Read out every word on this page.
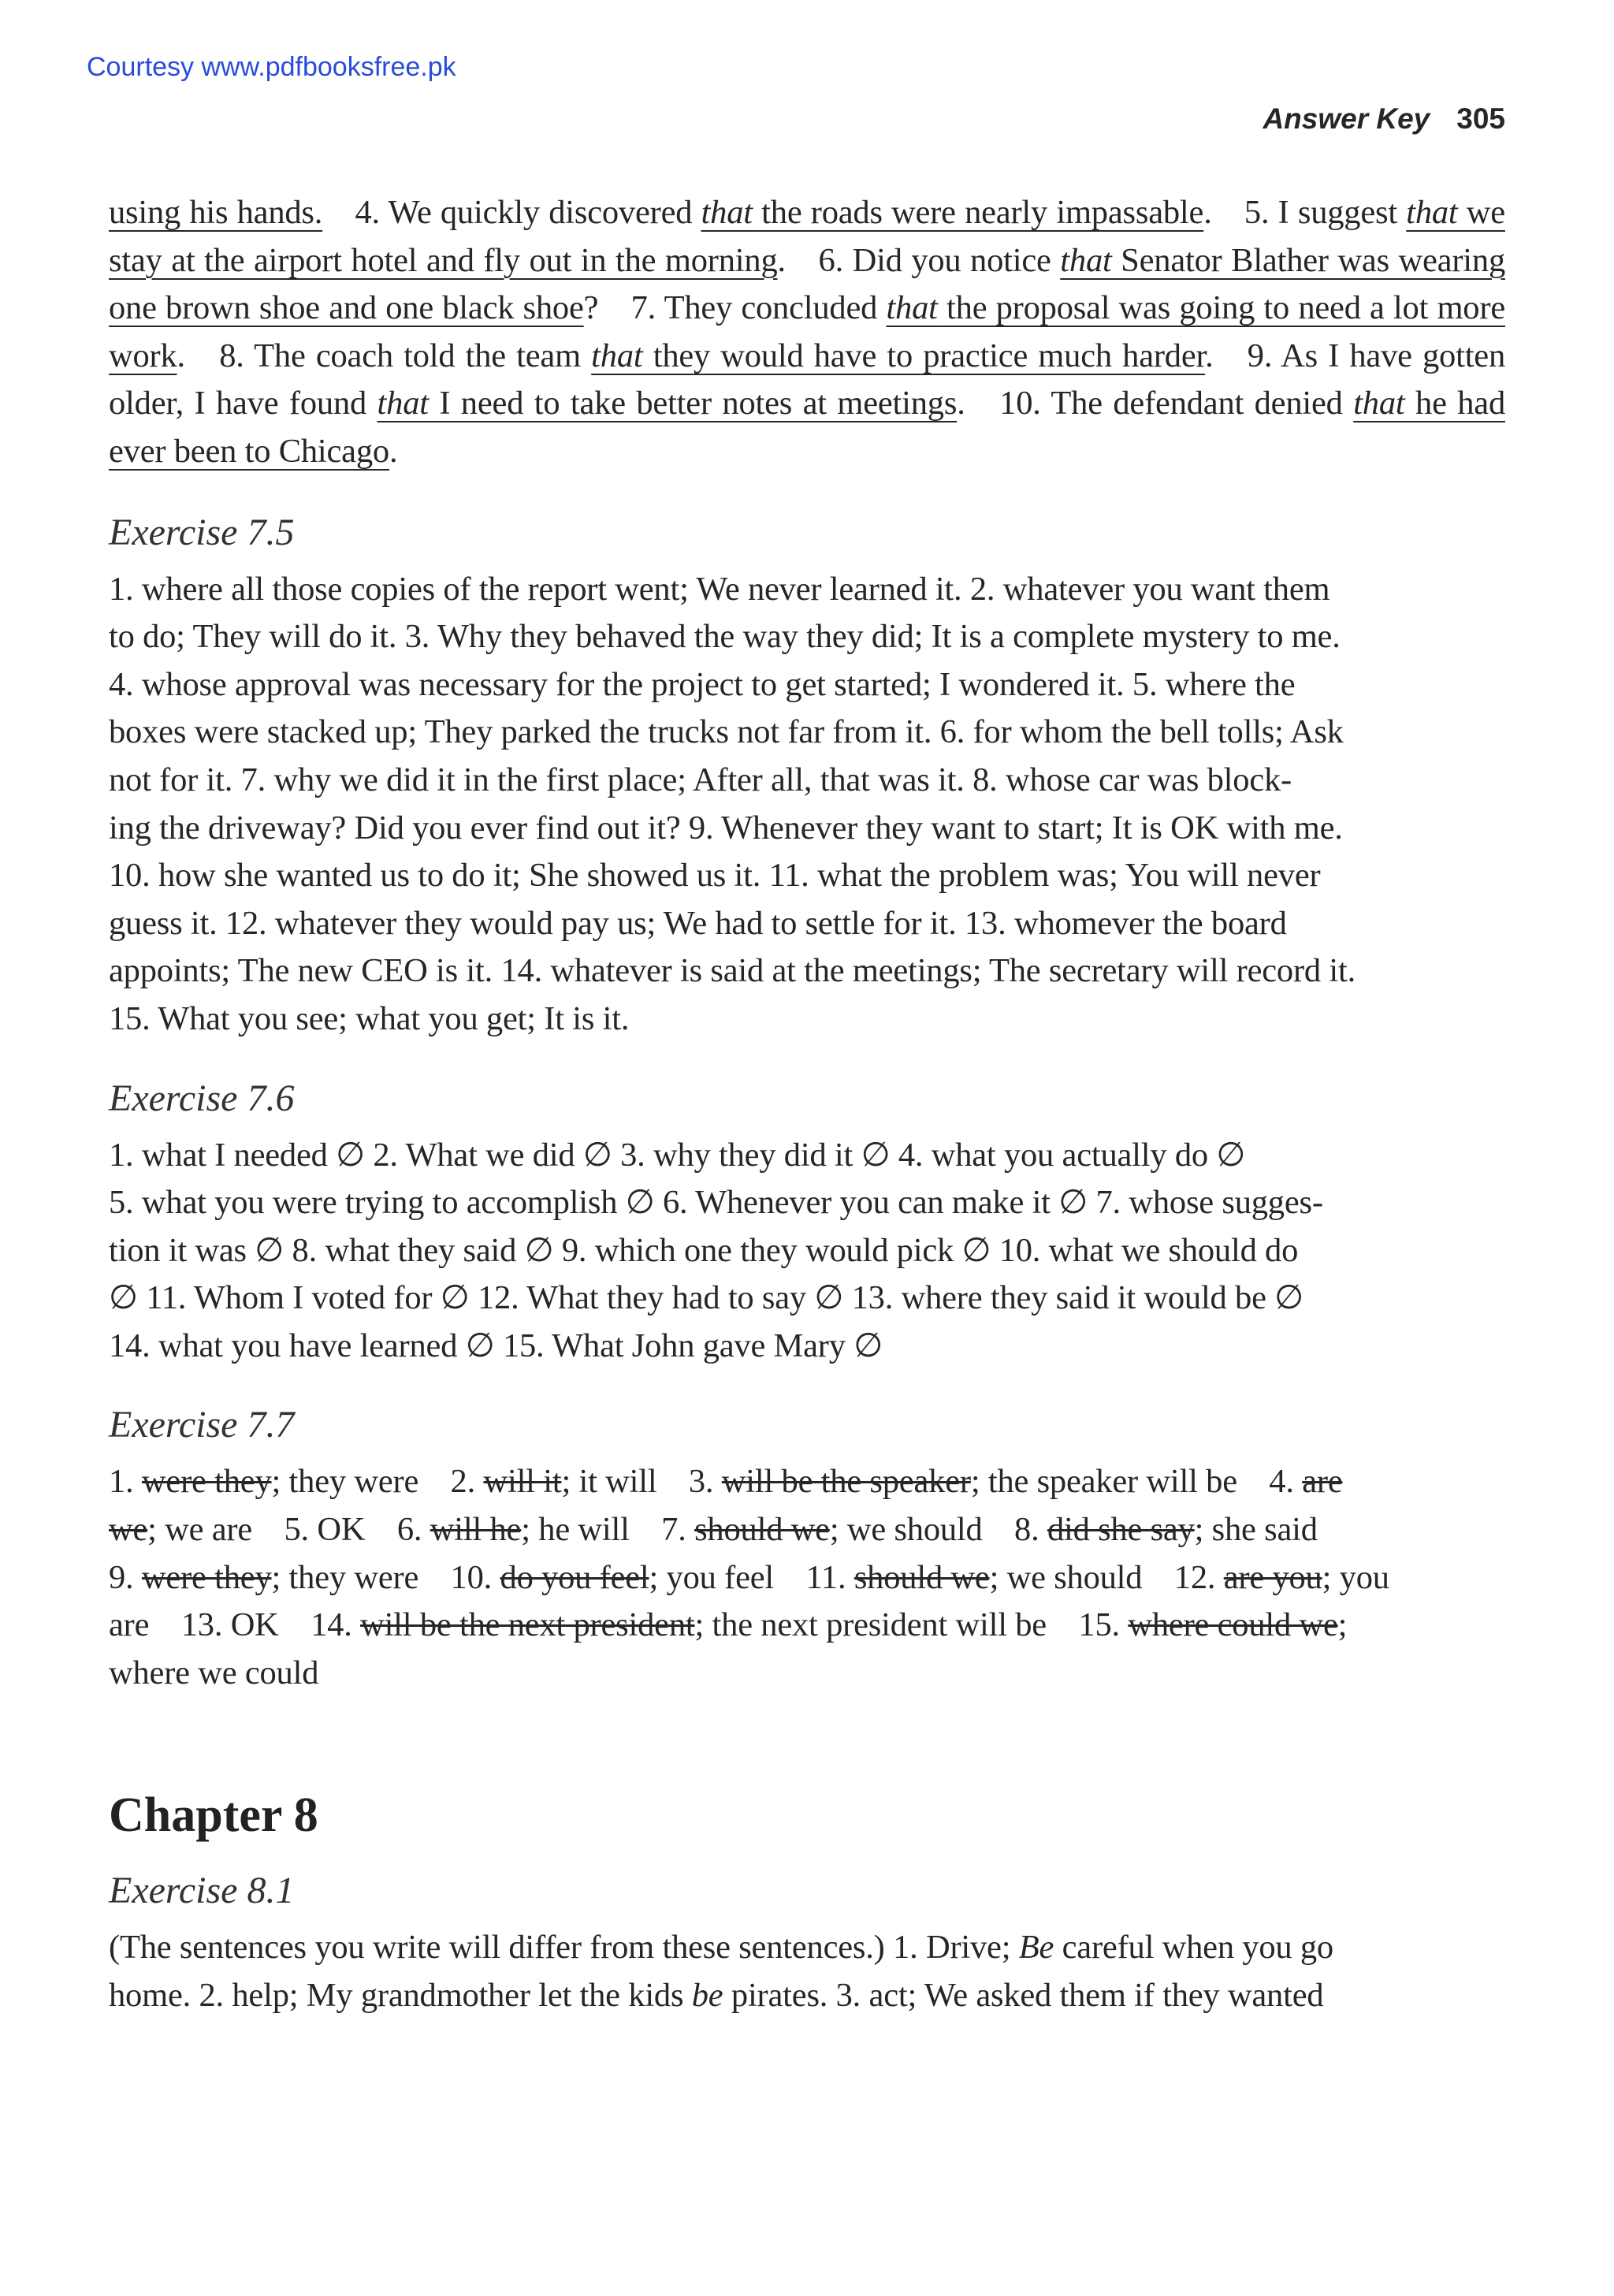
Courtesy www.pdfbooksfree.pk
Answer Key 305

using his hands. 4. We quickly discovered that the roads were nearly impassable. 5. I suggest that we stay at the airport hotel and fly out in the morning. 6. Did you notice that Senator Blather was wearing one brown shoe and one black shoe? 7. They concluded that the proposal was going to need a lot more work. 8. The coach told the team that they would have to practice much harder. 9. As I have gotten older, I have found that I need to take better notes at meetings. 10. The defendant denied that he had ever been to Chicago.

Exercise 7.5

1. where all those copies of the report went; We never learned it. 2. whatever you want them
to do; They will do it. 3. Why they behaved the way they did; It is a complete mystery to me.
4. whose approval was necessary for the project to get started; I wondered it. 5. where the
boxes were stacked up; They parked the trucks not far from it. 6. for whom the bell tolls; Ask
not for it. 7. why we did it in the first place; After all, that was it. 8. whose car was block-
ing the driveway? Did you ever find out it? 9. Whenever they want to start; It is OK with me.
10. how she wanted us to do it; She showed us it. 11. what the problem was; You will never
guess it. 12. whatever they would pay us; We had to settle for it. 13. whomever the board
appoints; The new CEO is it. 14. whatever is said at the meetings; The secretary will record it.
15. What you see; what you get; It is it.

Exercise 7.6

1. what I needed ∅ 2. What we did ∅ 3. why they did it ∅ 4. what you actually do ∅
5. what you were trying to accomplish ∅ 6. Whenever you can make it ∅ 7. whose sugges-
tion it was ∅ 8. what they said ∅ 9. which one they would pick ∅ 10. what we should do
∅ 11. Whom I voted for ∅ 12. What they had to say ∅ 13. where they said it would be ∅
14. what you have learned ∅ 15. What John gave Mary ∅

Exercise 7.7

1. were they; they were 2. will it; it will 3. will be the speaker; the speaker will be 4. are
we; we are 5. OK 6. will he; he will 7. should we; we should 8. did she say; she said
9. were they; they were 10. do you feel; you feel 11. should we; we should 12. are you; you
are 13. OK 14. will be the next president; the next president will be 15. where could we;
where we could

Chapter 8
Exercise 8.1

(The sentences you write will differ from these sentences.) 1. Drive; Be careful when you go
home. 2. help; My grandmother let the kids be pirates. 3. act; We asked them if they wanted
